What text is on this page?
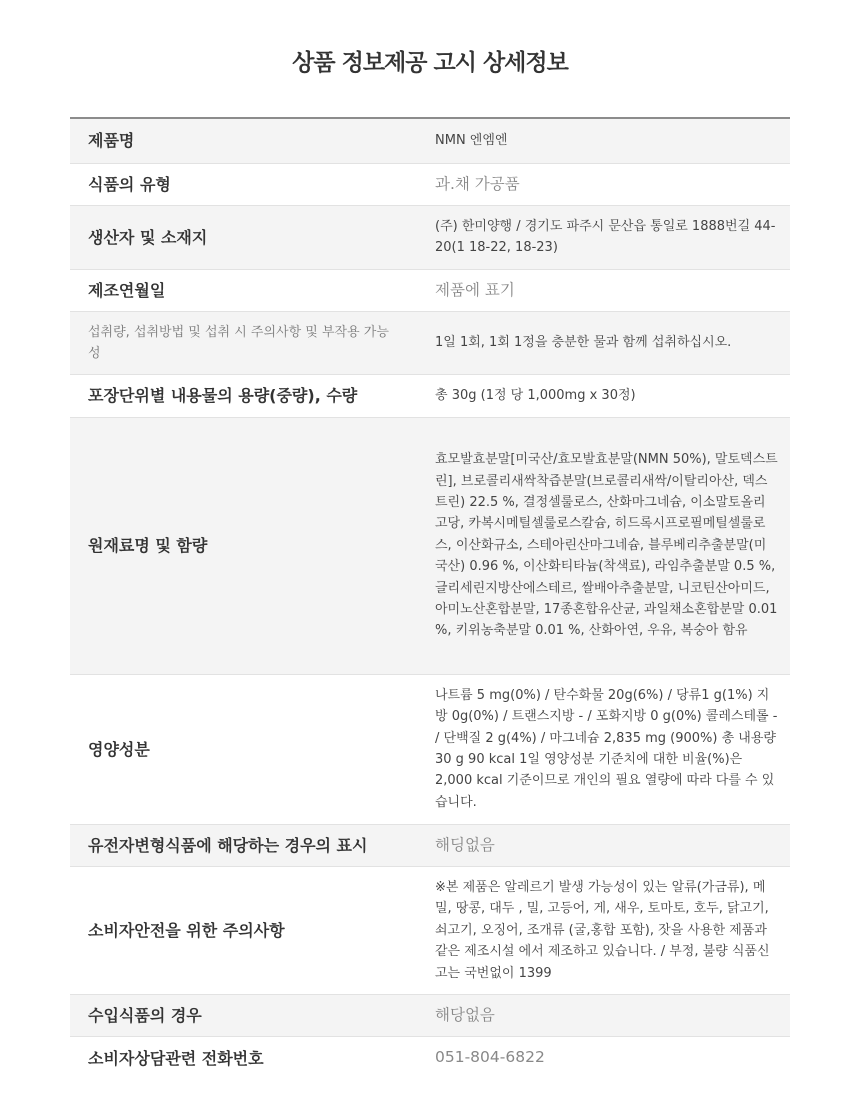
상품 정보제공 고시 상세정보
제품명	NMN 엔엠엔
식품의 유형	과.채 가공품
생산자 및 소재지	(주) 한미양행 / 경기도 파주시 문산읍 통일로 1888번길 44-20(1 18-22, 18-23)
제조연월일	제품에 표기
섭취량, 섭취방법 및 섭취 시 주의사항 및 부작용 가능성	1일 1회, 1회 1정을 충분한 물과 함께 섭취하십시오.
포장단위별 내용물의 용량(중량), 수량	총 30g (1정 당 1,000mg x 30정)
원재료명 및 함량	효모발효분말[미국산/효모발효분말(NMN 50%), 말토덱스트린], 브로콜리새싹착즙분말(브로콜리새싹/이탈리아산, 덱스트린) 22.5 %, 결정셀룰로스, 산화마그네슘, 이소말토올리고당, 카복시메틸셀룰로스칼슘, 히드록시프로필메틸셀룰로스, 이산화규소, 스테아린산마그네슘, 블루베리추출분말(미국산) 0.96 %, 이산화티타늄(착색료), 라임추출분말 0.5 %, 글리세린지방산에스테르, 쌀배아추출분말, 니코틴산아미드, 아미노산혼합분말, 17종혼합유산균, 과일채소혼합분말 0.01 %, 키위농축분말 0.01 %, 산화아연, 우유, 복숭아 함유
영양성분	나트륨 5 mg(0%) / 탄수화물 20g(6%) / 당류1 g(1%) 지방 0g(0%) / 트랜스지방 - / 포화지방 0 g(0%) 콜레스테롤 - / 단백질 2 g(4%) / 마그네슘 2,835 mg (900%) 총 내용량 30 g 90 kcal 1일 영양성분 기준치에 대한 비율(%)은 2,000 kcal 기준이므로 개인의 필요 열량에 따라 다를 수 있습니다.
유전자변형식품에 해당하는 경우의 표시	해딩없음
소비자안전을 위한 주의사항	※본 제품은 알레르기 발생 가능성이 있는 알류(가금류), 메밀, 땅콩, 대두 , 밀, 고등어, 게, 새우, 토마토, 호두, 닭고기, 쇠고기, 오징어, 조개류 (굴,홍합 포함), 잣을 사용한 제품과 같은 제조시설 에서 제조하고 있습니다. / 부정, 불량 식품신고는 국번없이 1399
수입식품의 경우	해당없음
소비자상담관련 전화번호	051-804-6822
